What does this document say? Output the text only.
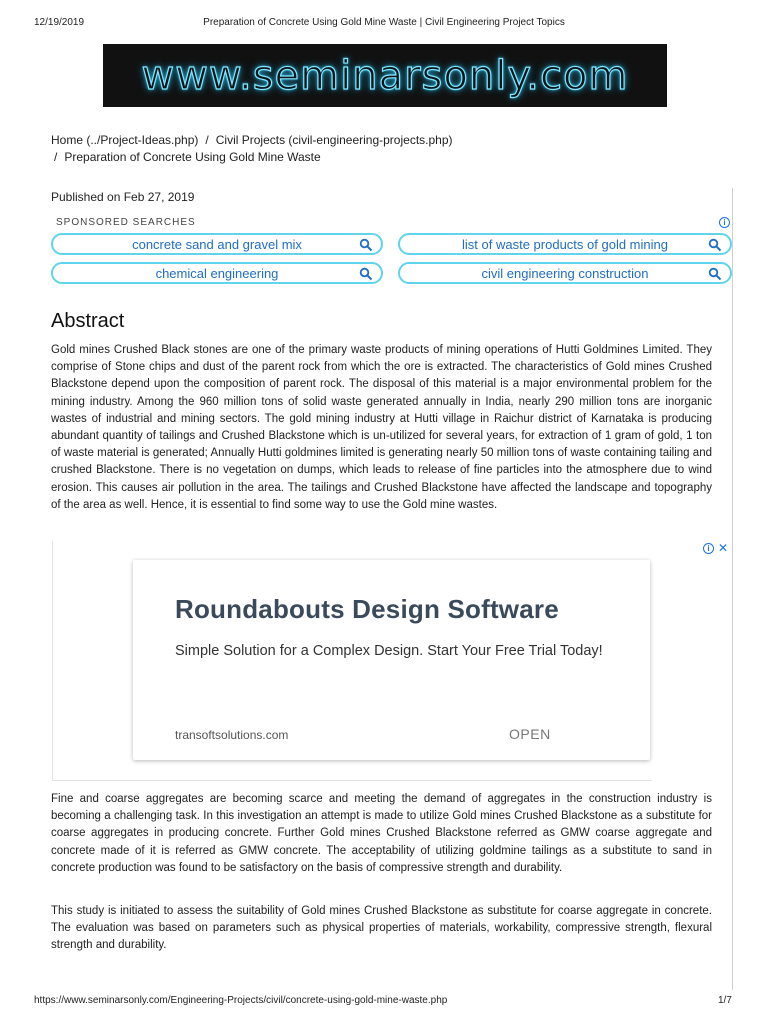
12/19/2019	Preparation of Concrete Using Gold Mine Waste | Civil Engineering Project Topics
www.seminarsonly.com
Home (../Project-Ideas.php) / Civil Projects (civil-engineering-projects.php)
/ Preparation of Concrete Using Gold Mine Waste
Published on Feb 27, 2019
SPONSORED SEARCHES	i
concrete sand and gravel mix	list of waste products of gold mining
chemical engineering	civil engineering construction
Abstract

Gold mines Crushed Black stones are one of the primary waste products of mining operations of Hutti Goldmines Limited. They comprise of Stone chips and dust of the parent rock from which the ore is extracted. The characteristics of Gold mines Crushed Blackstone depend upon the composition of parent rock. The disposal of this material is a major environmental problem for the mining industry. Among the 960 million tons of solid waste generated annually in India, nearly 290 million tons are inorganic wastes of industrial and mining sectors. The gold mining industry at Hutti village in Raichur district of Karnataka is producing abundant quantity of tailings and Crushed Blackstone which is un-utilized for several years, for extraction of 1 gram of gold, 1 ton of waste material is generated; Annually Hutti goldmines limited is generating nearly 50 million tons of waste containing tailing and crushed Blackstone. There is no vegetation on dumps, which leads to release of fine particles into the atmosphere due to wind erosion. This causes air pollution in the area. The tailings and Crushed Blackstone have affected the landscape and topography of the area as well. Hence, it is essential to find some way to use the Gold mine wastes.

i ✕
Roundabouts Design Software
Simple Solution for a Complex Design. Start Your Free Trial Today!
transoftsolutions.com	OPEN

Fine and coarse aggregates are becoming scarce and meeting the demand of aggregates in the construction industry is becoming a challenging task. In this investigation an attempt is made to utilize Gold mines Crushed Blackstone as a substitute for coarse aggregates in producing concrete. Further Gold mines Crushed Blackstone referred as GMW coarse aggregate and concrete made of it is referred as GMW concrete. The acceptability of utilizing goldmine tailings as a substitute to sand in concrete production was found to be satisfactory on the basis of compressive strength and durability.

This study is initiated to assess the suitability of Gold mines Crushed Blackstone as substitute for coarse aggregate in concrete. The evaluation was based on parameters such as physical properties of materials, workability, compressive strength, flexural strength and durability.

https://www.seminarsonly.com/Engineering-Projects/civil/concrete-using-gold-mine-waste.php	1/7
